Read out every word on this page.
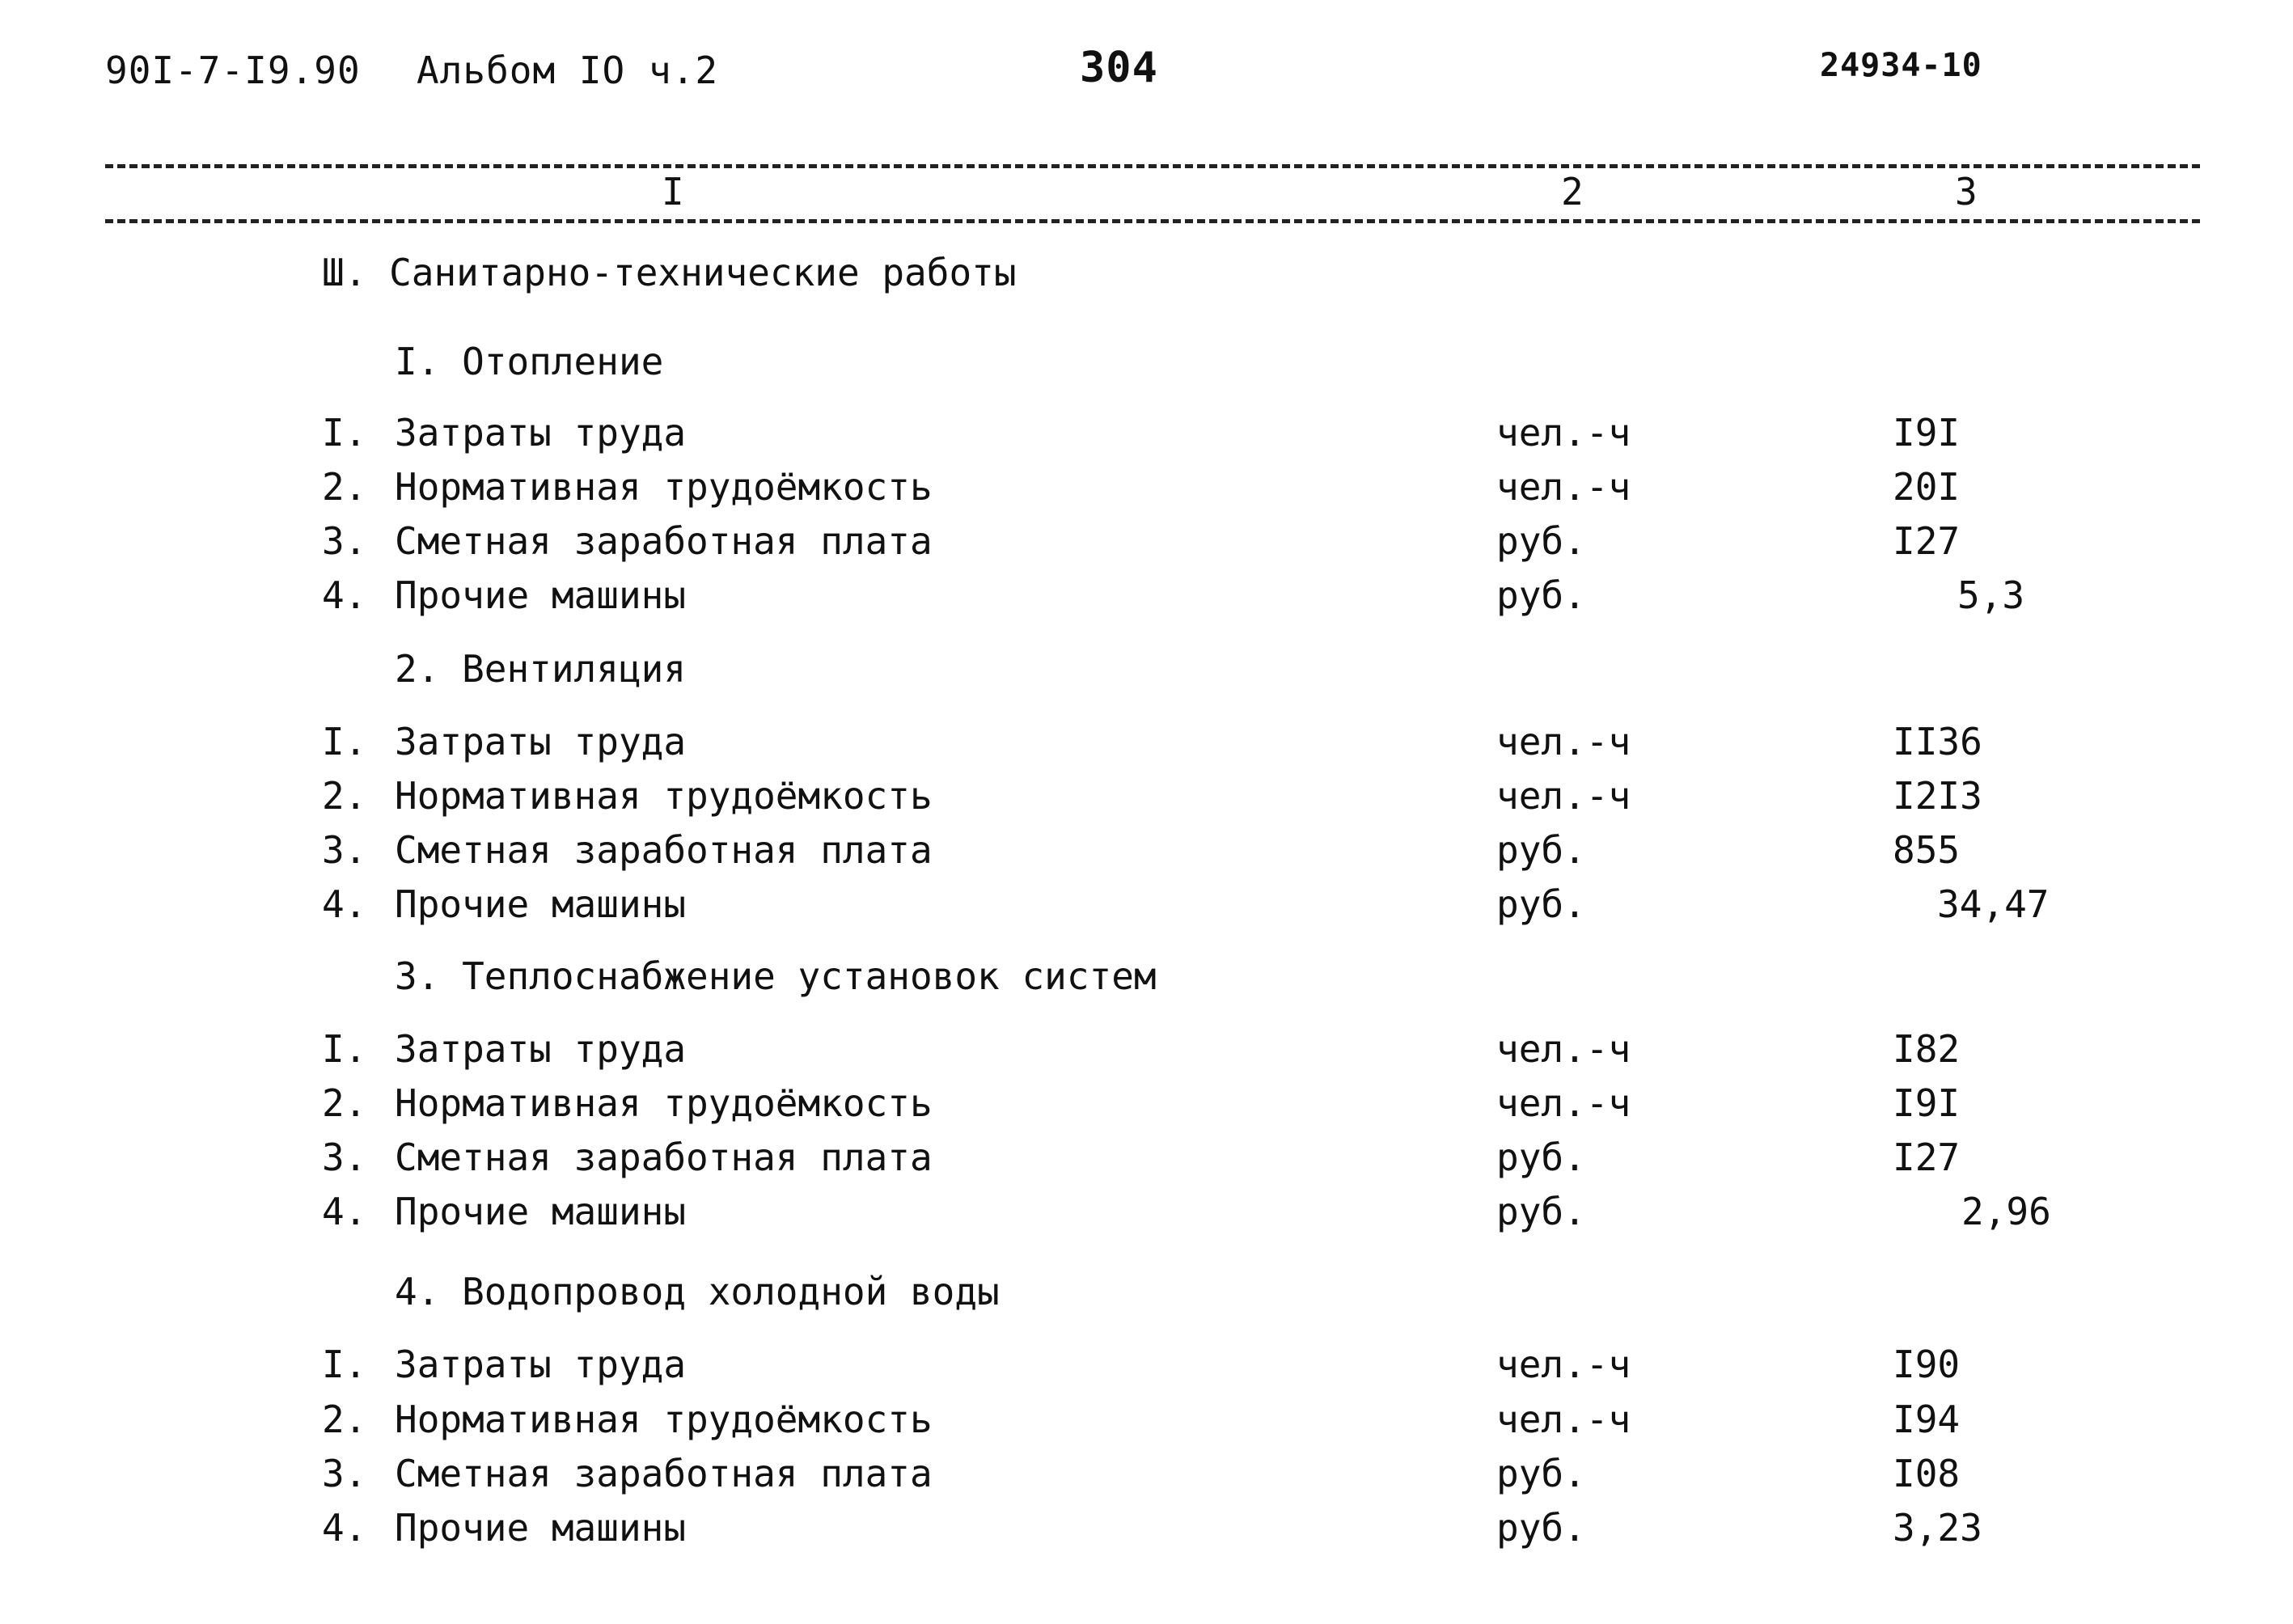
90I-7-I9.90 Альбом IO ч.2	304	24934-10
I	2	3
Ш. Санитарно-технические работы
I. Отопление
I. Затраты труда	чел.-ч	I9I
2. Нормативная трудоёмкость	чел.-ч	20I
3. Сметная заработная плата	руб.	I27
4. Прочие машины	руб.	5,3
2. Вентиляция
I. Затраты труда	чел.-ч	II36
2. Нормативная трудоёмкость	чел.-ч	I2I3
3. Сметная заработная плата	руб.	855
4. Прочие машины	руб.	34,47
3. Теплоснабжение установок систем
I. Затраты труда	чел.-ч	I82
2. Нормативная трудоёмкость	чел.-ч	I9I
3. Сметная заработная плата	руб.	I27
4. Прочие машины	руб.	2,96
4. Водопровод холодной воды
I. Затраты труда	чел.-ч	I90
2. Нормативная трудоёмкость	чел.-ч	I94
3. Сметная заработная плата	руб.	I08
4. Прочие машины	руб.	3,23
